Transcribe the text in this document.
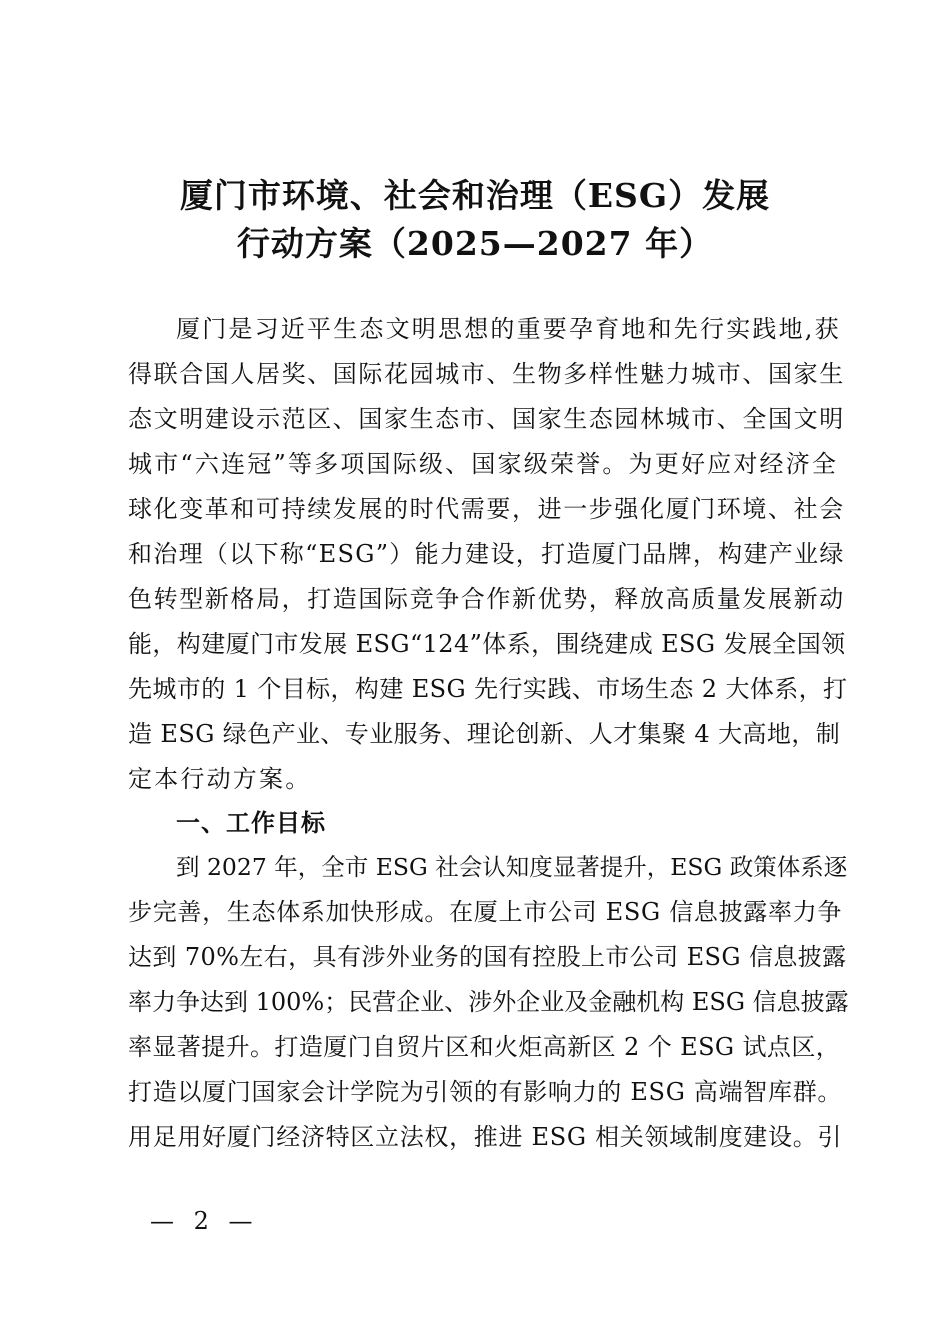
厦门市环境、社会和治理（ESG）发展
行动方案（2025—2027 年）
厦门是习近平生态文明思想的重要孕育地和先行实践地,获
得联合国人居奖、国际花园城市、生物多样性魅力城市、国家生
态文明建设示范区、国家生态市、国家生态园林城市、全国文明
城市“六连冠”等多项国际级、国家级荣誉。为更好应对经济全
球化变革和可持续发展的时代需要，进一步强化厦门环境、社会
和治理（以下称“ESG”）能力建设，打造厦门品牌，构建产业绿
色转型新格局，打造国际竞争合作新优势，释放高质量发展新动
能，构建厦门市发展 ESG“124”体系，围绕建成 ESG 发展全国领
先城市的 1 个目标，构建 ESG 先行实践、市场生态 2 大体系，打
造 ESG 绿色产业、专业服务、理论创新、人才集聚 4 大高地，制
定本行动方案。
一、工作目标
到 2027 年，全市 ESG 社会认知度显著提升，ESG 政策体系逐
步完善，生态体系加快形成。在厦上市公司 ESG 信息披露率力争
达到 70%左右，具有涉外业务的国有控股上市公司 ESG 信息披露
率力争达到 100%；民营企业、涉外企业及金融机构 ESG 信息披露
率显著提升。打造厦门自贸片区和火炬高新区 2 个 ESG 试点区，
打造以厦门国家会计学院为引领的有影响力的 ESG 高端智库群。
用足用好厦门经济特区立法权，推进 ESG 相关领域制度建设。引
— 2 —
